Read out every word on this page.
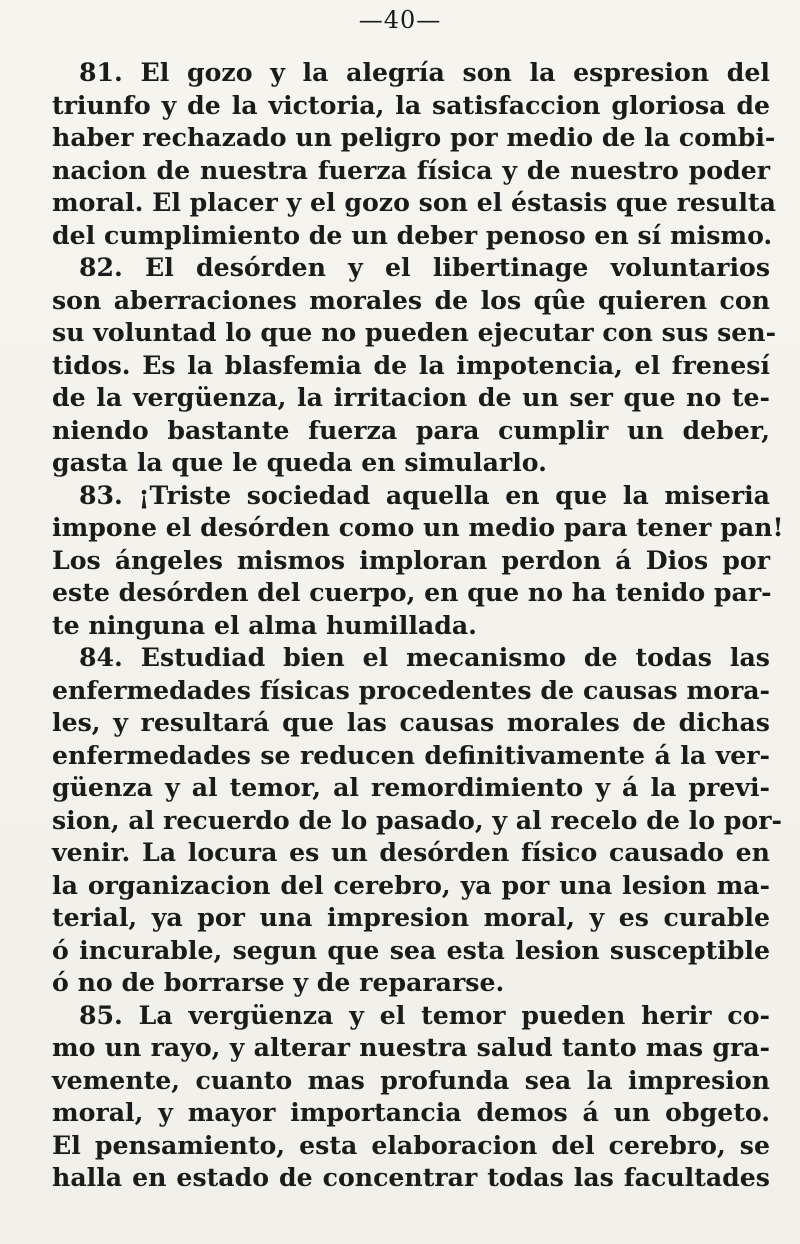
—40—
81. El gozo y la alegría son la espresion del
triunfo y de la victoria, la satisfaccion gloriosa de
haber rechazado un peligro por medio de la combi-
nacion de nuestra fuerza física y de nuestro poder
moral. El placer y el gozo son el éstasis que resulta
del cumplimiento de un deber penoso en sí mismo.
82. El desórden y el libertinage voluntarios
son aberraciones morales de los qûe quieren con
su voluntad lo que no pueden ejecutar con sus sen-
tidos. Es la blasfemia de la impotencia, el frenesí
de la vergüenza, la irritacion de un ser que no te-
niendo bastante fuerza para cumplir un deber,
gasta la que le queda en simularlo.
83. ¡Triste sociedad aquella en que la miseria
impone el desórden como un medio para tener pan!
Los ángeles mismos imploran perdon á Dios por
este desórden del cuerpo, en que no ha tenido par-
te ninguna el alma humillada.
84. Estudiad bien el mecanismo de todas las
enfermedades físicas procedentes de causas mora-
les, y resultará que las causas morales de dichas
enfermedades se reducen definitivamente á la ver-
güenza y al temor, al remordimiento y á la previ-
sion, al recuerdo de lo pasado, y al recelo de lo por-
venir. La locura es un desórden físico causado en
la organizacion del cerebro, ya por una lesion ma-
terial, ya por una impresion moral, y es curable
ó incurable, segun que sea esta lesion susceptible
ó no de borrarse y de repararse.
85. La vergüenza y el temor pueden herir co-
mo un rayo, y alterar nuestra salud tanto mas gra-
vemente, cuanto mas profunda sea la impresion
moral, y mayor importancia demos á un obgeto.
El pensamiento, esta elaboracion del cerebro, se
halla en estado de concentrar todas las facultades
